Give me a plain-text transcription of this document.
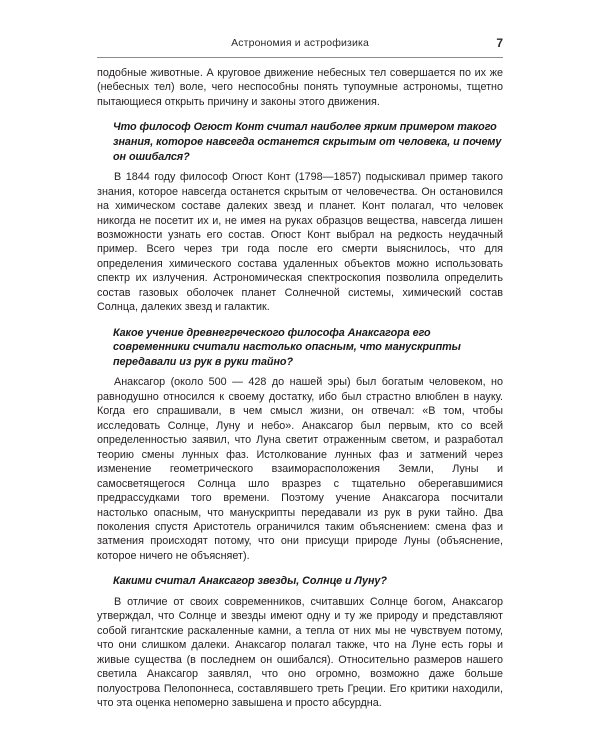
Астрономия и астрофизика	7

подобные животные. А круговое движение небесных тел совершается по их же (небесных тел) воле, чего неспособны понять тупоумные астрономы, тщетно пытающиеся открыть причину и законы этого движения.

Что философ Огюст Конт считал наиболее ярким примером такого знания, которое навсегда останется скрытым от человека, и почему он ошибался?

В 1844 году философ Огюст Конт (1798—1857) подыскивал пример такого знания, которое навсегда останется скрытым от человечества. Он остановился на химическом составе далеких звезд и планет. Конт полагал, что человек никогда не посетит их и, не имея на руках образцов вещества, навсегда лишен возможности узнать его состав. Огюст Конт выбрал на редкость неудачный пример. Всего через три года после его смерти выяснилось, что для определения химического состава удаленных объектов можно использовать спектр их излучения. Астрономическая спектроскопия позволила определить состав газовых оболочек планет Солнечной системы, химический состав Солнца, далеких звезд и галактик.

Какое учение древнегреческого философа Анаксагора его современники считали настолько опасным, что манускрипты передавали из рук в руки тайно?

Анаксагор (около 500 — 428 до нашей эры) был богатым человеком, но равнодушно относился к своему достатку, ибо был страстно влюблен в науку. Когда его спрашивали, в чем смысл жизни, он отвечал: «В том, чтобы исследовать Солнце, Луну и небо». Анаксагор был первым, кто со всей определенностью заявил, что Луна светит отраженным светом, и разработал теорию смены лунных фаз. Истолкование лунных фаз и затмений через изменение геометрического взаиморасположения Земли, Луны и самосветящегося Солнца шло вразрез с тщательно оберегавшимися предрассудками того времени. Поэтому учение Анаксагора посчитали настолько опасным, что манускрипты передавали из рук в руки тайно. Два поколения спустя Аристотель ограничился таким объяснением: смена фаз и затмения происходят потому, что они присущи природе Луны (объяснение, которое ничего не объясняет).

Какими считал Анаксагор звезды, Солнце и Луну?

В отличие от своих современников, считавших Солнце богом, Анаксагор утверждал, что Солнце и звезды имеют одну и ту же природу и представляют собой гигантские раскаленные камни, а тепла от них мы не чувствуем потому, что они слишком далеки. Анаксагор полагал также, что на Луне есть горы и живые существа (в последнем он ошибался). Относительно размеров нашего светила Анаксагор заявлял, что оно огромно, возможно даже больше полуострова Пелопоннеса, составлявшего треть Греции. Его критики находили, что эта оценка непомерно завышена и просто абсурдна.
